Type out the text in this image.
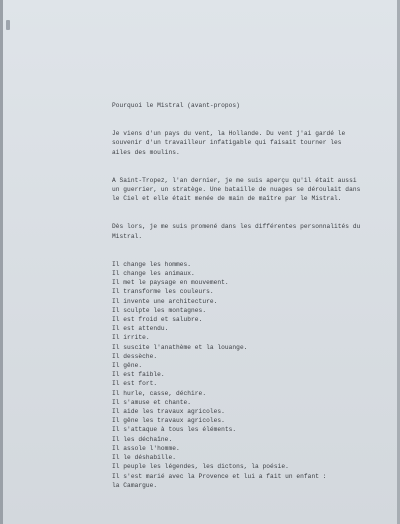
Pourquoi le Mistral (avant-propos)
Je viens d'un pays du vent, la Hollande. Du vent j'ai gardé le
souvenir d'un travailleur infatigable qui faisait tourner les
ailes des moulins.
A Saint-Tropez, l'an dernier, je me suis aperçu qu'il était aussi
un guerrier, un stratège. Une bataille de nuages se déroulait dans
le Ciel et elle était menée de main de maître par le Mistral.
Dès lors, je me suis promené dans les différentes personnalités du
Mistral.
Il change les hommes.
Il change les animaux.
Il met le paysage en mouvement.
Il transforme les couleurs.
Il invente une architecture.
Il sculpte les montagnes.
Il est froid et salubre.
Il est attendu.
Il irrite.
Il suscite l'anathème et la louange.
Il dessèche.
Il gêne.
Il est faible.
Il est fort.
Il hurle, casse, déchire.
Il s'amuse et chante.
Il aide les travaux agricoles.
Il gêne les travaux agricoles.
Il s'attaque à tous les éléments.
Il les déchaîne.
Il assole l'homme.
Il le déshabille.
Il peuple les légendes, les dictons, la poésie.
Il s'est marié avec la Provence et lui a fait un enfant :
la Camargue.
